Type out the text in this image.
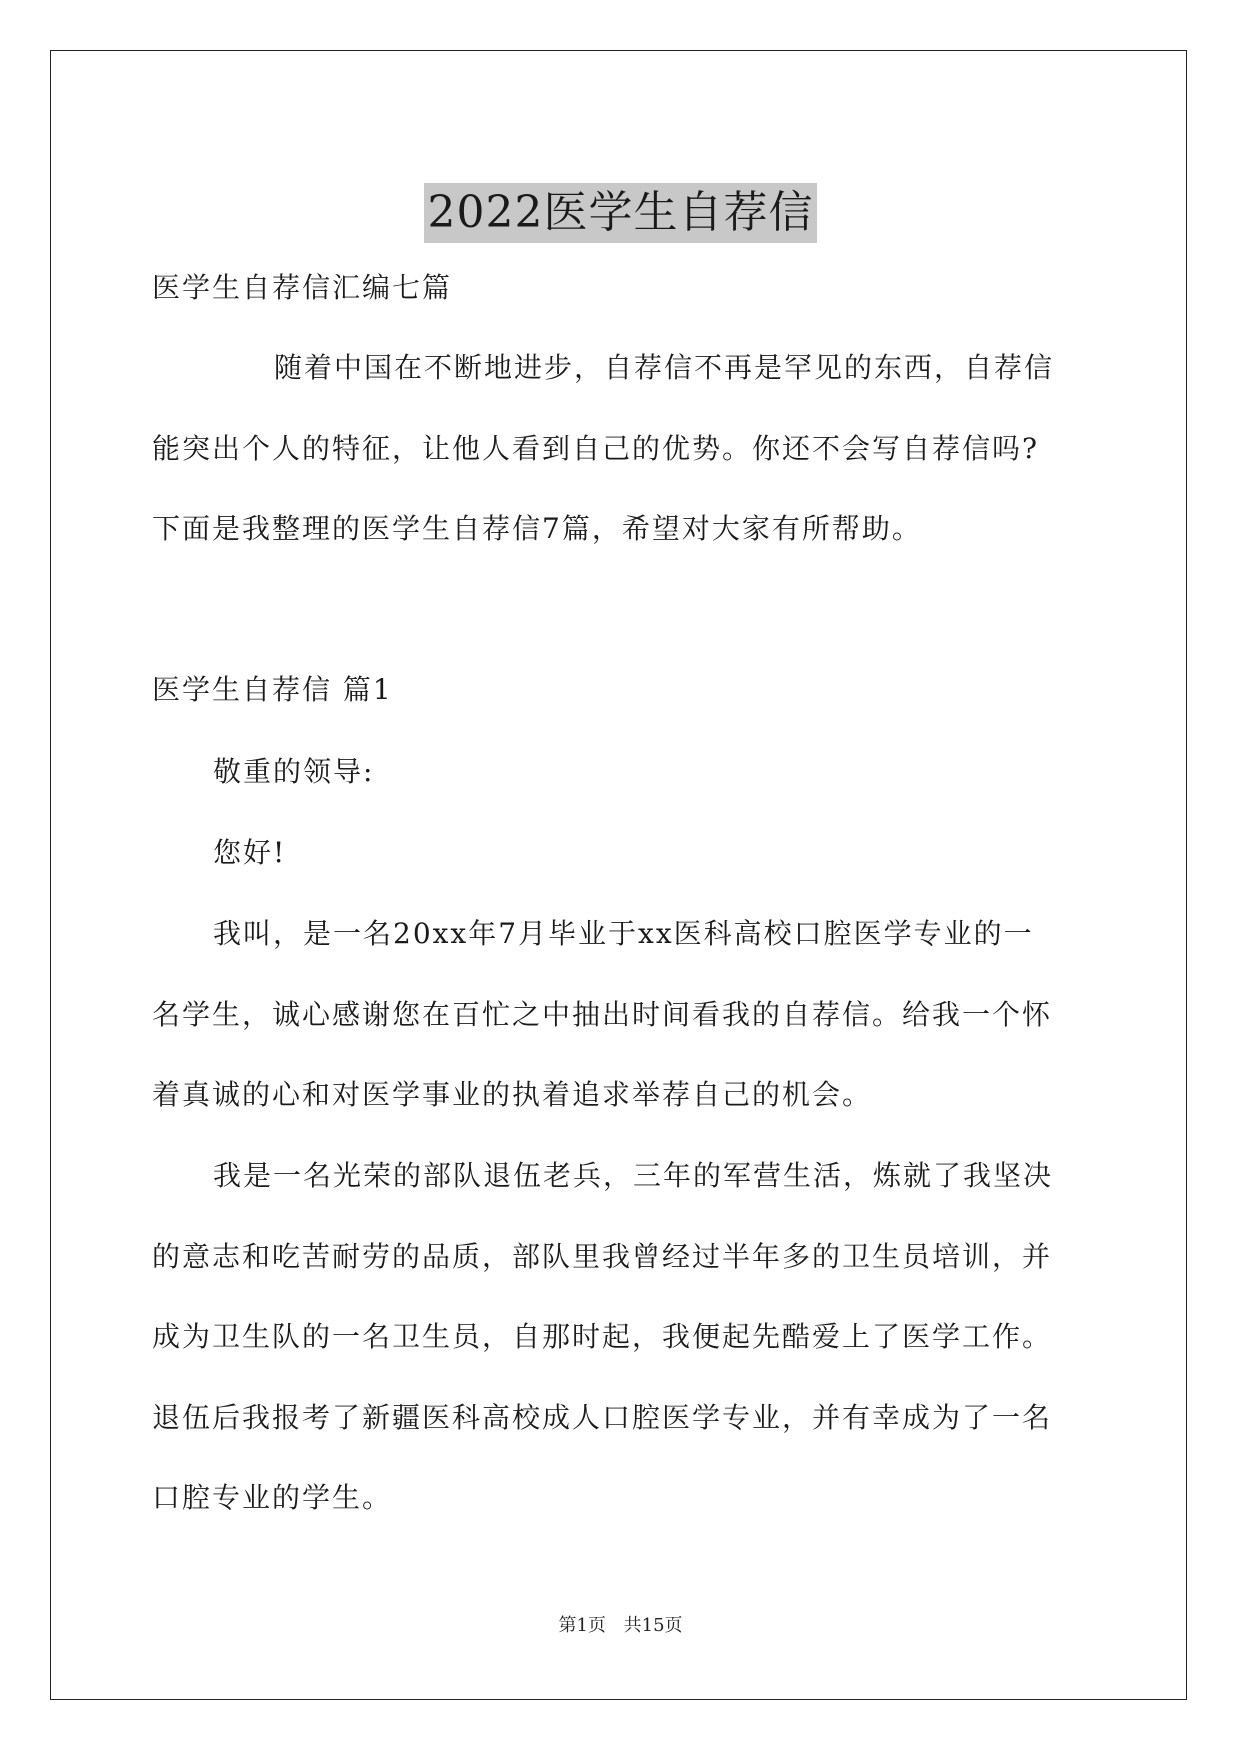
2022医学生自荐信
医学生自荐信汇编七篇
随着中国在不断地进步，自荐信不再是罕见的东西，自荐信
能突出个人的特征，让他人看到自己的优势。你还不会写自荐信吗?
下面是我整理的医学生自荐信7篇，希望对大家有所帮助。
医学生自荐信 篇1
敬重的领导:
您好!
我叫，是一名20xx年7月毕业于xx医科高校口腔医学专业的一
名学生，诚心感谢您在百忙之中抽出时间看我的自荐信。给我一个怀
着真诚的心和对医学事业的执着追求举荐自己的机会。
我是一名光荣的部队退伍老兵，三年的军营生活，炼就了我坚决
的意志和吃苦耐劳的品质，部队里我曾经过半年多的卫生员培训，并
成为卫生队的一名卫生员，自那时起，我便起先酷爱上了医学工作。
退伍后我报考了新疆医科高校成人口腔医学专业，并有幸成为了一名
口腔专业的学生。
第1页 共15页
